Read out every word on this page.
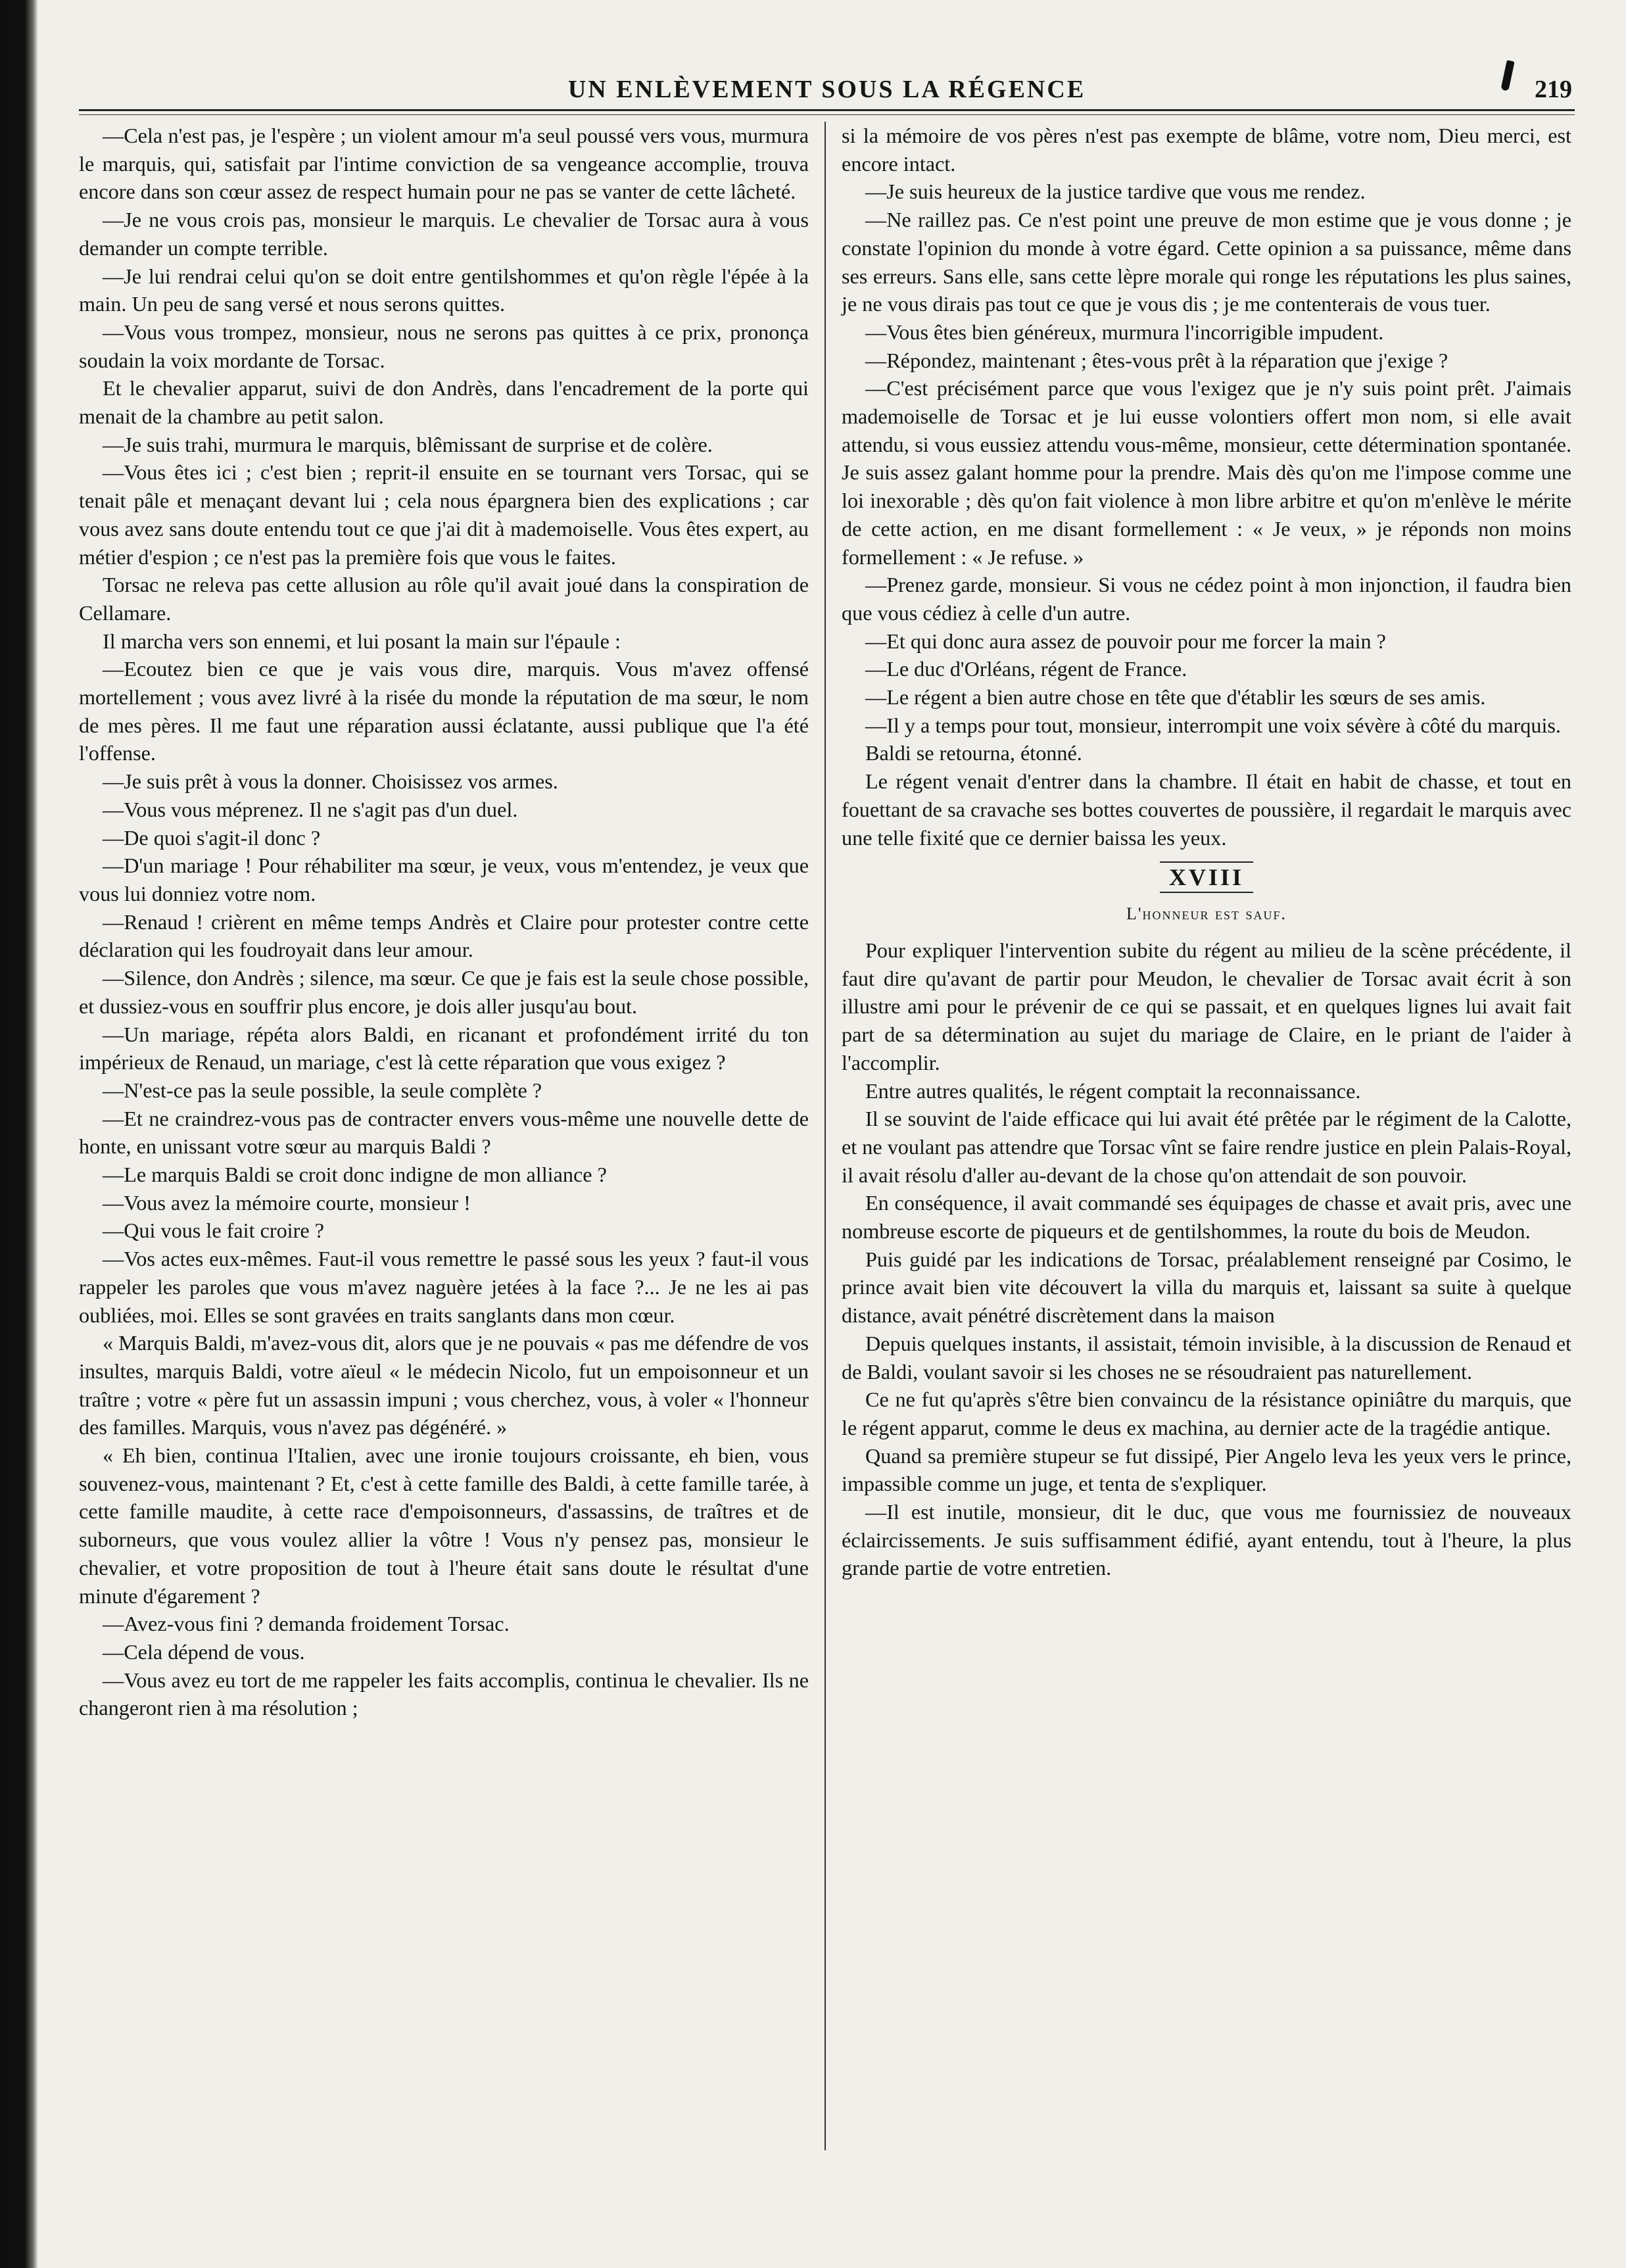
UN ENLÈVEMENT SOUS LA RÉGENCE	219

—Cela n'est pas, je l'espère ; un violent amour m'a seul poussé vers vous, murmura le marquis, qui, satisfait par l'intime conviction de sa vengeance accomplie, trouva encore dans son cœur assez de respect humain pour ne pas se vanter de cette lâcheté.

—Je ne vous crois pas, monsieur le marquis. Le chevalier de Torsac aura à vous demander un compte terrible.

—Je lui rendrai celui qu'on se doit entre gentilshommes et qu'on règle l'épée à la main. Un peu de sang versé et nous serons quittes.

—Vous vous trompez, monsieur, nous ne serons pas quittes à ce prix, prononça soudain la voix mordante de Torsac.

Et le chevalier apparut, suivi de don Andrès, dans l'encadrement de la porte qui menait de la chambre au petit salon.

—Je suis trahi, murmura le marquis, blêmissant de surprise et de colère.

—Vous êtes ici ; c'est bien ; reprit-il ensuite en se tournant vers Torsac, qui se tenait pâle et menaçant devant lui ; cela nous épargnera bien des explications ; car vous avez sans doute entendu tout ce que j'ai dit à mademoiselle. Vous êtes expert, au métier d'espion ; ce n'est pas la première fois que vous le faites.

Torsac ne releva pas cette allusion au rôle qu'il avait joué dans la conspiration de Cellamare.

Il marcha vers son ennemi, et lui posant la main sur l'épaule :

—Ecoutez bien ce que je vais vous dire, marquis. Vous m'avez offensé mortellement ; vous avez livré à la risée du monde la réputation de ma sœur, le nom de mes pères. Il me faut une réparation aussi éclatante, aussi publique que l'a été l'offense.

—Je suis prêt à vous la donner. Choisissez vos armes.

—Vous vous méprenez. Il ne s'agit pas d'un duel.

—De quoi s'agit-il donc ?

—D'un mariage ! Pour réhabiliter ma sœur, je veux, vous m'entendez, je veux que vous lui donniez votre nom.

—Renaud ! crièrent en même temps Andrès et Claire pour protester contre cette déclaration qui les foudroyait dans leur amour.

—Silence, don Andrès ; silence, ma sœur. Ce que je fais est la seule chose possible, et dussiez-vous en souffrir plus encore, je dois aller jusqu'au bout.

—Un mariage, répéta alors Baldi, en ricanant et profondément irrité du ton impérieux de Renaud, un mariage, c'est là cette réparation que vous exigez ?

—N'est-ce pas la seule possible, la seule complète ?

—Et ne craindrez-vous pas de contracter envers vous-même une nouvelle dette de honte, en unissant votre sœur au marquis Baldi ?

—Le marquis Baldi se croit donc indigne de mon alliance ?

—Vous avez la mémoire courte, monsieur !

—Qui vous le fait croire ?

—Vos actes eux-mêmes. Faut-il vous remettre le passé sous les yeux ? faut-il vous rappeler les paroles que vous m'avez naguère jetées à la face ?... Je ne les ai pas oubliées, moi. Elles se sont gravées en traits sanglants dans mon cœur.

« Marquis Baldi, m'avez-vous dit, alors que je ne pouvais « pas me défendre de vos insultes, marquis Baldi, votre aïeul « le médecin Nicolo, fut un empoisonneur et un traître ; votre « père fut un assassin impuni ; vous cherchez, vous, à voler « l'honneur des familles. Marquis, vous n'avez pas dégénéré. »

« Eh bien, continua l'Italien, avec une ironie toujours croissante, eh bien, vous souvenez-vous, maintenant ? Et, c'est à cette famille des Baldi, à cette famille tarée, à cette famille maudite, à cette race d'empoisonneurs, d'assassins, de traîtres et de suborneurs, que vous voulez allier la vôtre ! Vous n'y pensez pas, monsieur le chevalier, et votre proposition de tout à l'heure était sans doute le résultat d'une minute d'égarement ?

—Avez-vous fini ? demanda froidement Torsac.

—Cela dépend de vous.

—Vous avez eu tort de me rappeler les faits accomplis, continua le chevalier. Ils ne changeront rien à ma résolution ;

si la mémoire de vos pères n'est pas exempte de blâme, votre nom, Dieu merci, est encore intact.

—Je suis heureux de la justice tardive que vous me rendez.

—Ne raillez pas. Ce n'est point une preuve de mon estime que je vous donne ; je constate l'opinion du monde à votre égard. Cette opinion a sa puissance, même dans ses erreurs. Sans elle, sans cette lèpre morale qui ronge les réputations les plus saines, je ne vous dirais pas tout ce que je vous dis ; je me contenterais de vous tuer.

—Vous êtes bien généreux, murmura l'incorrigible impudent.

—Répondez, maintenant ; êtes-vous prêt à la réparation que j'exige ?

—C'est précisément parce que vous l'exigez que je n'y suis point prêt. J'aimais mademoiselle de Torsac et je lui eusse volontiers offert mon nom, si elle avait attendu, si vous eussiez attendu vous-même, monsieur, cette détermination spontanée. Je suis assez galant homme pour la prendre. Mais dès qu'on me l'impose comme une loi inexorable ; dès qu'on fait violence à mon libre arbitre et qu'on m'enlève le mérite de cette action, en me disant formellement : « Je veux, » je réponds non moins formellement : « Je refuse. »

—Prenez garde, monsieur. Si vous ne cédez point à mon injonction, il faudra bien que vous cédiez à celle d'un autre.

—Et qui donc aura assez de pouvoir pour me forcer la main ?

—Le duc d'Orléans, régent de France.

—Le régent a bien autre chose en tête que d'établir les sœurs de ses amis.

—Il y a temps pour tout, monsieur, interrompit une voix sévère à côté du marquis.

Baldi se retourna, étonné.

Le régent venait d'entrer dans la chambre. Il était en habit de chasse, et tout en fouettant de sa cravache ses bottes couvertes de poussière, il regardait le marquis avec une telle fixité que ce dernier baissa les yeux.

XVIII
L'honneur est sauf.

Pour expliquer l'intervention subite du régent au milieu de la scène précédente, il faut dire qu'avant de partir pour Meudon, le chevalier de Torsac avait écrit à son illustre ami pour le prévenir de ce qui se passait, et en quelques lignes lui avait fait part de sa détermination au sujet du mariage de Claire, en le priant de l'aider à l'accomplir.

Entre autres qualités, le régent comptait la reconnaissance.

Il se souvint de l'aide efficace qui lui avait été prêtée par le régiment de la Calotte, et ne voulant pas attendre que Torsac vînt se faire rendre justice en plein Palais-Royal, il avait résolu d'aller au-devant de la chose qu'on attendait de son pouvoir.

En conséquence, il avait commandé ses équipages de chasse et avait pris, avec une nombreuse escorte de piqueurs et de gentilshommes, la route du bois de Meudon.

Puis guidé par les indications de Torsac, préalablement renseigné par Cosimo, le prince avait bien vite découvert la villa du marquis et, laissant sa suite à quelque distance, avait pénétré discrètement dans la maison

Depuis quelques instants, il assistait, témoin invisible, à la discussion de Renaud et de Baldi, voulant savoir si les choses ne se résoudraient pas naturellement.

Ce ne fut qu'après s'être bien convaincu de la résistance opiniâtre du marquis, que le régent apparut, comme le deus ex machina, au dernier acte de la tragédie antique.

Quand sa première stupeur se fut dissipé, Pier Angelo leva les yeux vers le prince, impassible comme un juge, et tenta de s'expliquer.

—Il est inutile, monsieur, dit le duc, que vous me fournissiez de nouveaux éclaircissements. Je suis suffisamment édifié, ayant entendu, tout à l'heure, la plus grande partie de votre entretien.
